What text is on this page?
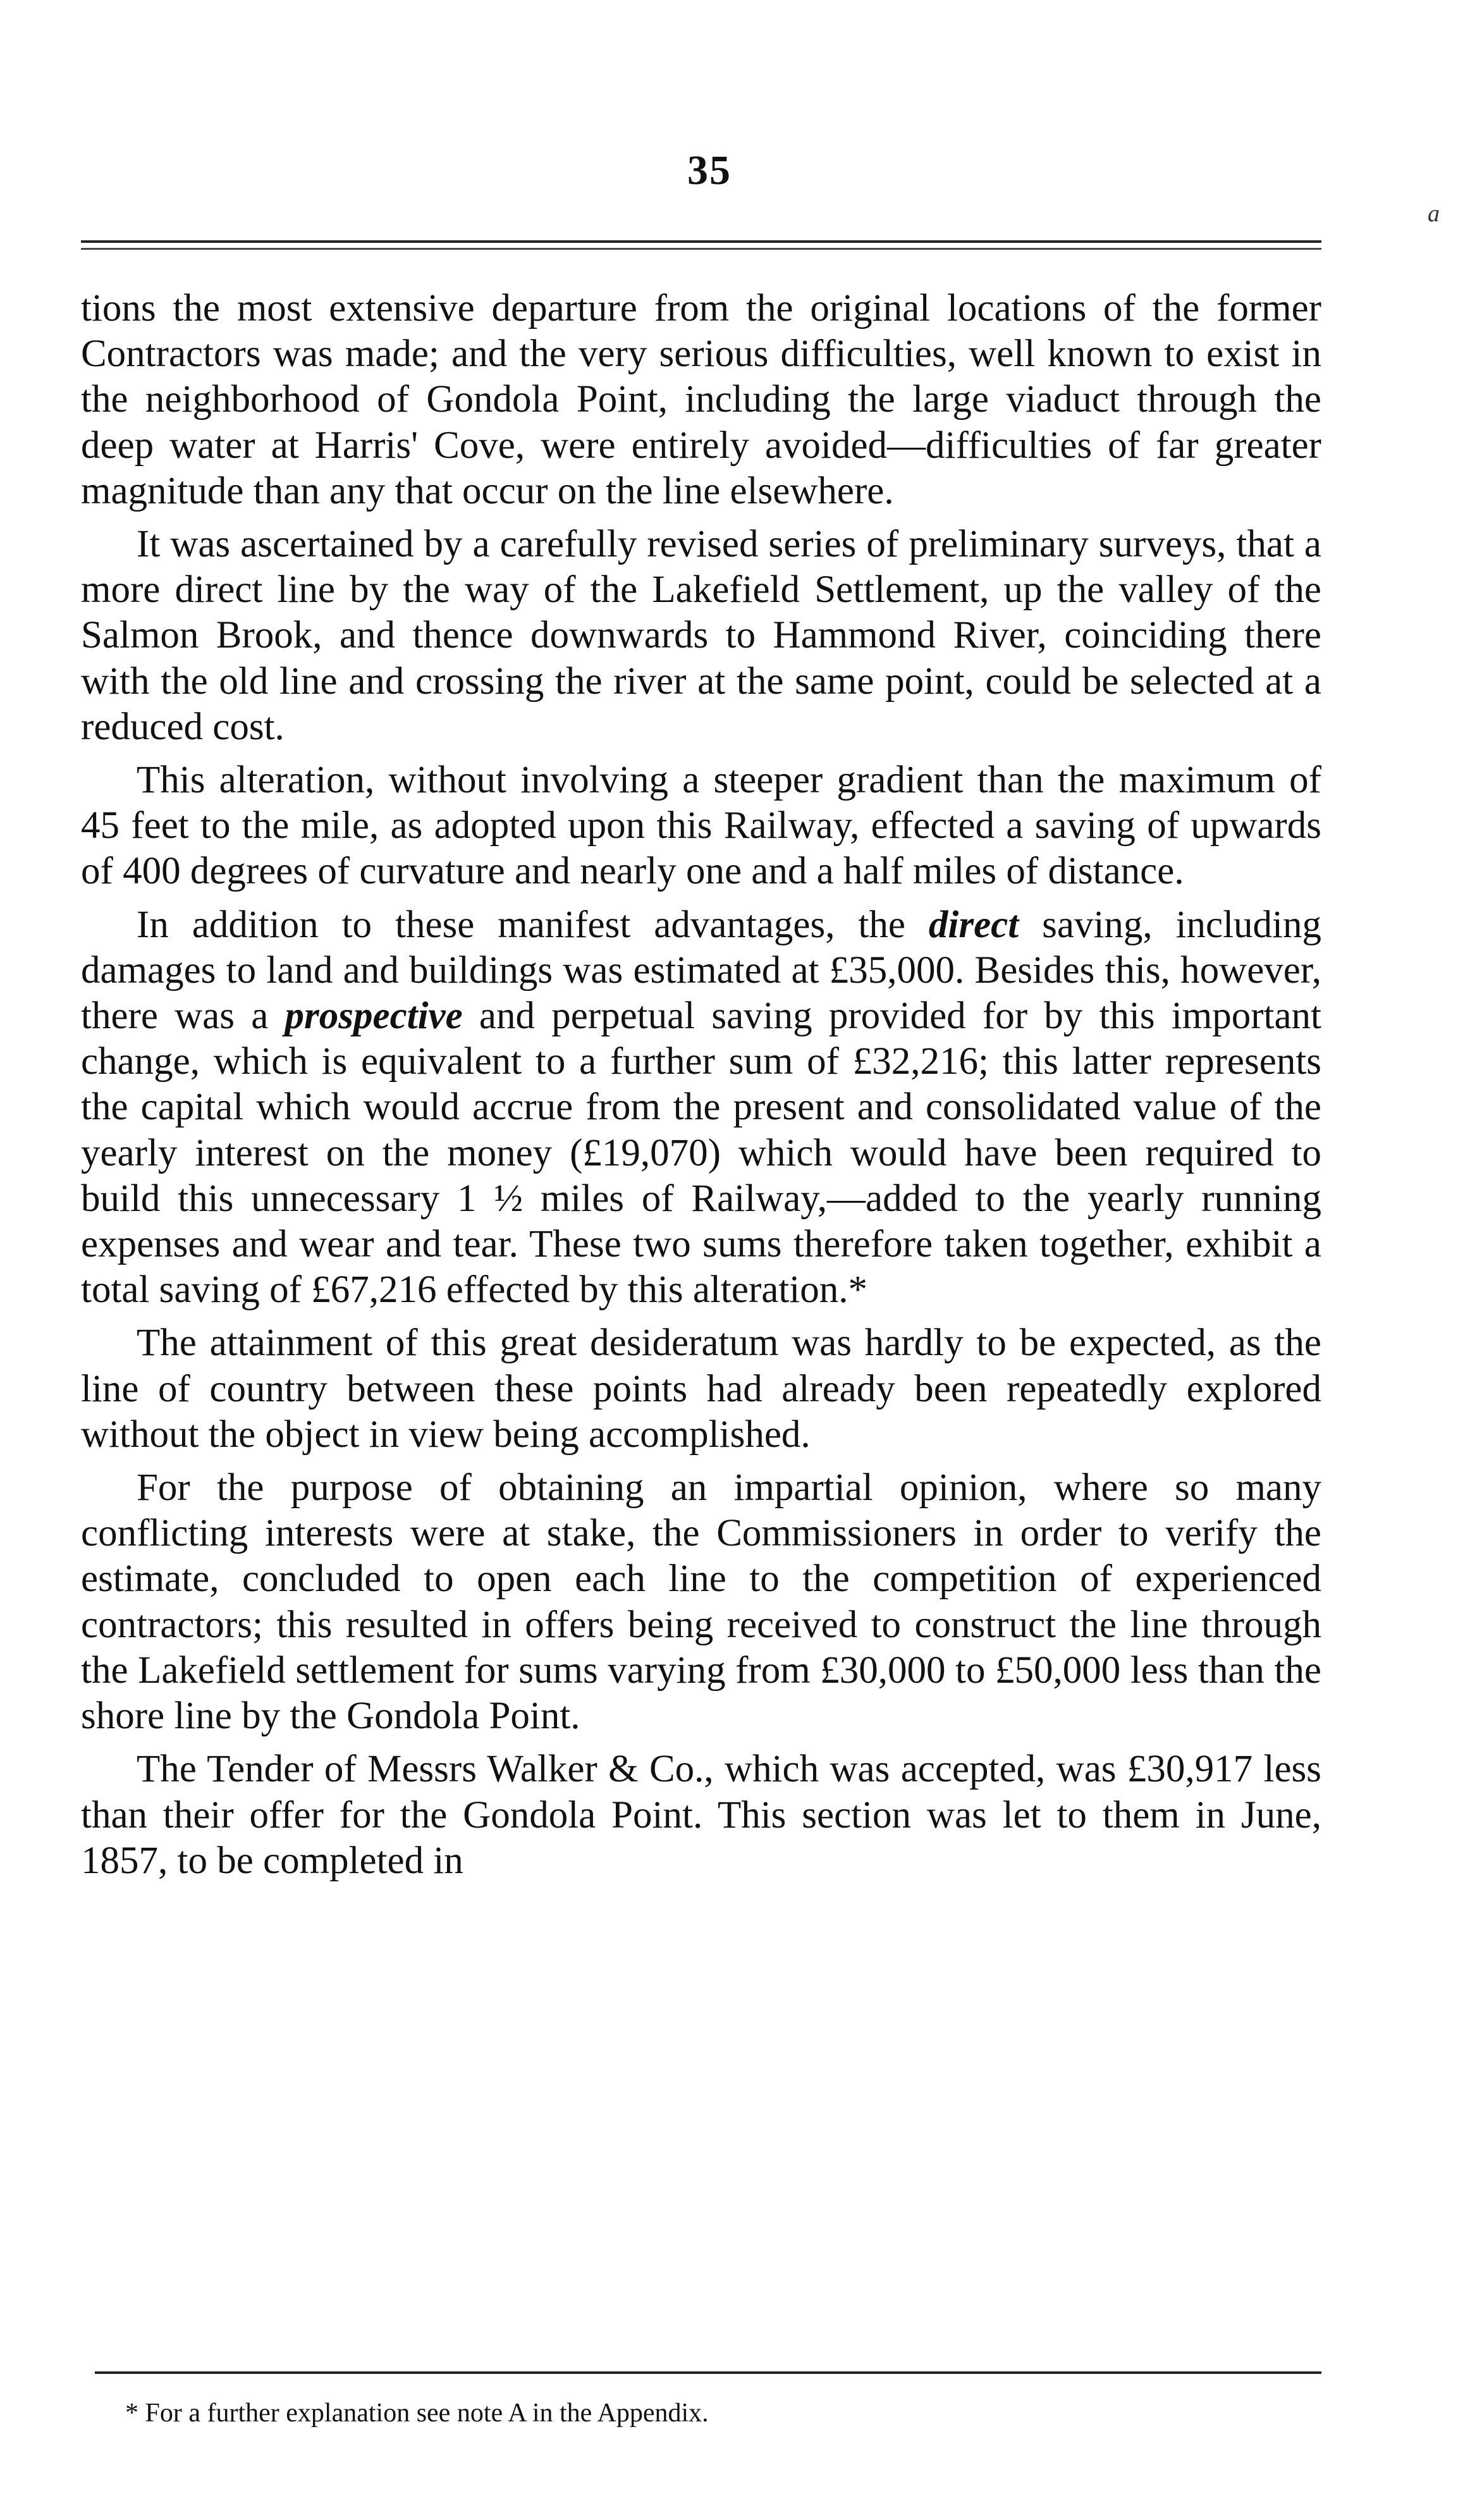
35
a

tions the most extensive departure from the original locations of the former Contractors was made; and the very serious difficulties, well known to exist in the neighborhood of Gondola Point, including the large viaduct through the deep water at Harris' Cove, were entirely avoided—difficulties of far greater magnitude than any that occur on the line elsewhere.

It was ascertained by a carefully revised series of preliminary surveys, that a more direct line by the way of the Lakefield Settlement, up the valley of the Salmon Brook, and thence downwards to Hammond River, coinciding there with the old line and crossing the river at the same point, could be selected at a reduced cost.

This alteration, without involving a steeper gradient than the maximum of 45 feet to the mile, as adopted upon this Railway, effected a saving of upwards of 400 degrees of curvature and nearly one and a half miles of distance.

In addition to these manifest advantages, the direct saving, including damages to land and buildings was estimated at £35,000. Besides this, however, there was a prospective and perpetual saving provided for by this important change, which is equivalent to a further sum of £32,216; this latter represents the capital which would accrue from the present and consolidated value of the yearly interest on the money (£19,070) which would have been required to build this unnecessary 1 ½ miles of Railway,—added to the yearly running expenses and wear and tear. These two sums therefore taken together, exhibit a total saving of £67,216 effected by this alteration.*

The attainment of this great desideratum was hardly to be expected, as the line of country between these points had already been repeatedly explored without the object in view being accomplished.

For the purpose of obtaining an impartial opinion, where so many conflicting interests were at stake, the Commissioners in order to verify the estimate, concluded to open each line to the competition of experienced contractors; this resulted in offers being received to construct the line through the Lakefield settlement for sums varying from £30,000 to £50,000 less than the shore line by the Gondola Point.

The Tender of Messrs Walker & Co., which was accepted, was £30,917 less than their offer for the Gondola Point. This section was let to them in June, 1857, to be completed in

* For a further explanation see note A in the Appendix.
